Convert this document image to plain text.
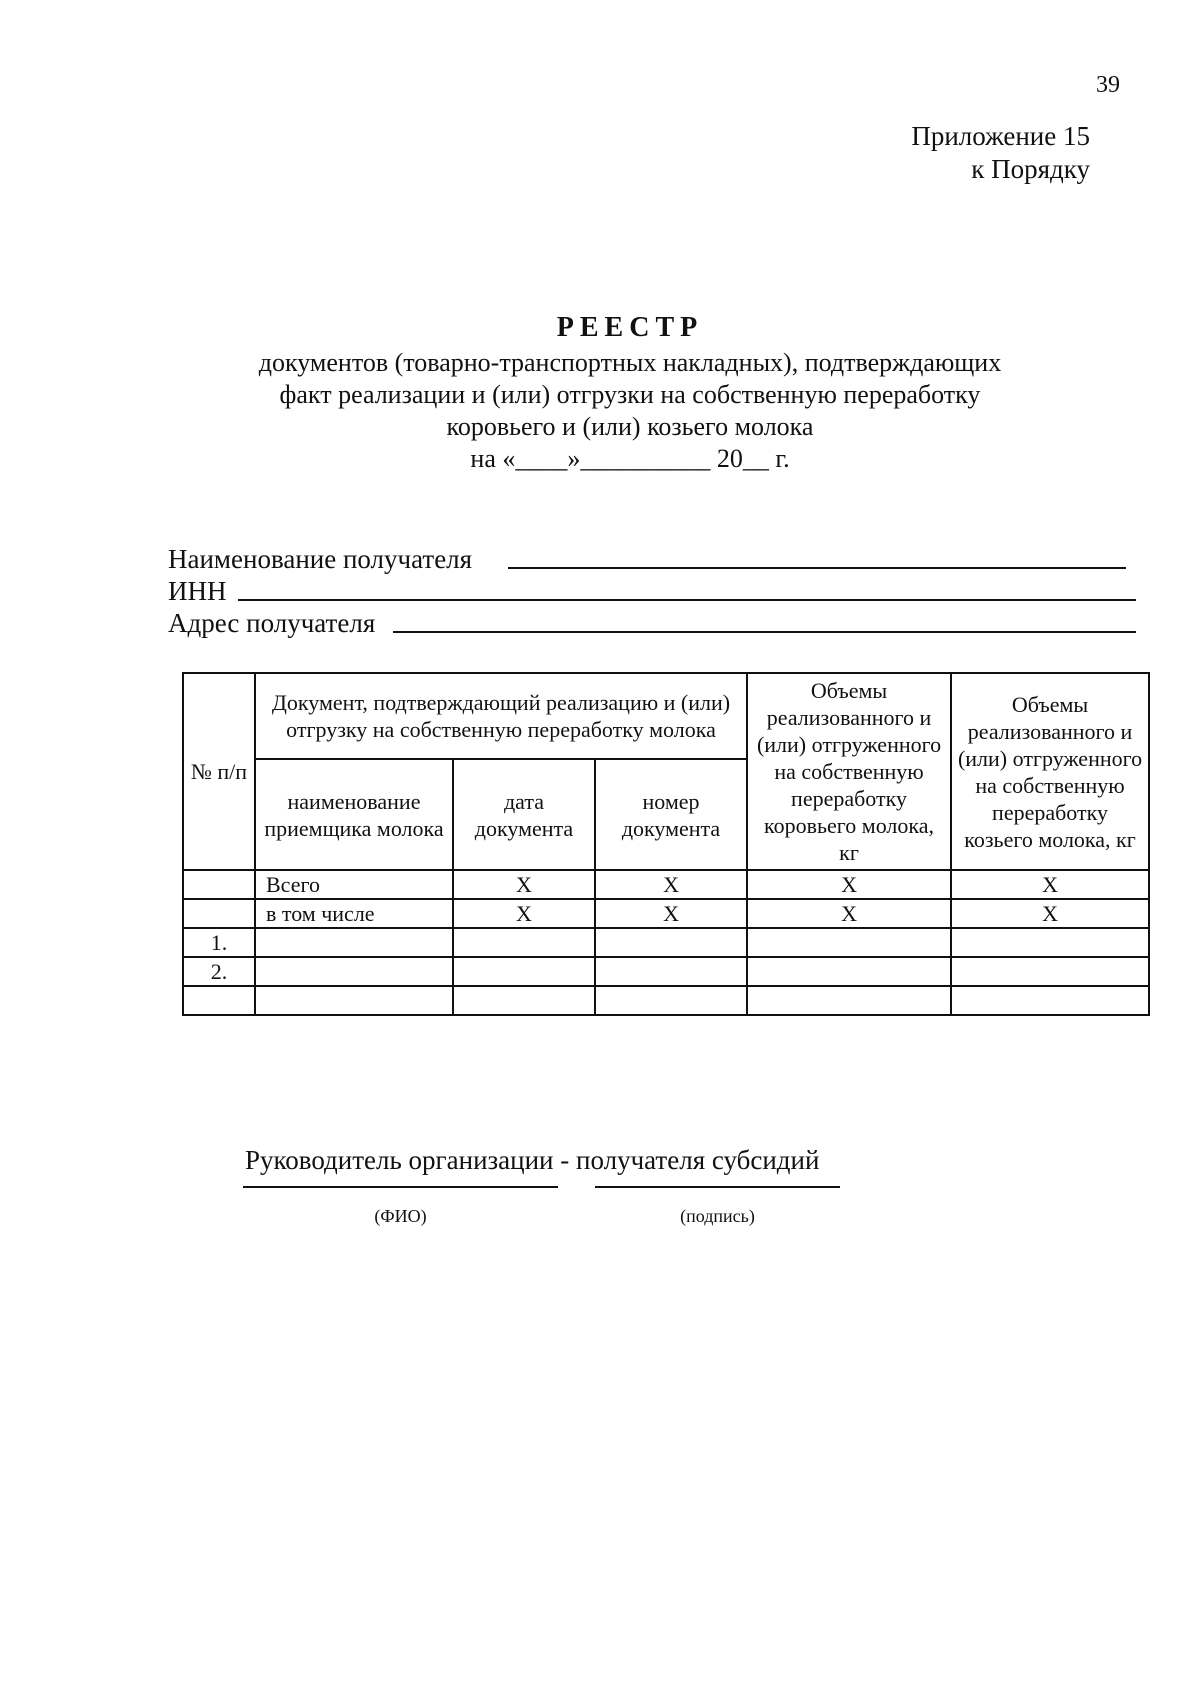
39
Приложение 15
к Порядку
РЕЕСТР
документов (товарно-транспортных накладных), подтверждающих
факт реализации и (или) отгрузки на собственную переработку
коровьего и (или) козьего молока
на «____»__________ 20__ г.
Наименование получателя
ИНН
Адрес получателя
№ п/п	Документ, подтверждающий реализацию и (или) отгрузку на собственную переработку молока			Объемы реализованного и (или) отгруженного на собственную переработку коровьего молока, кг	Объемы реализованного и (или) отгруженного на собственную переработку козьего молока, кг
	наименование приемщика молока	дата документа	номер документа		
	Всего	X	X	X	X
	в том числе	X	X	X	X
1.					
2.					

Руководитель организации - получателя субсидий
(ФИО)	(подпись)
